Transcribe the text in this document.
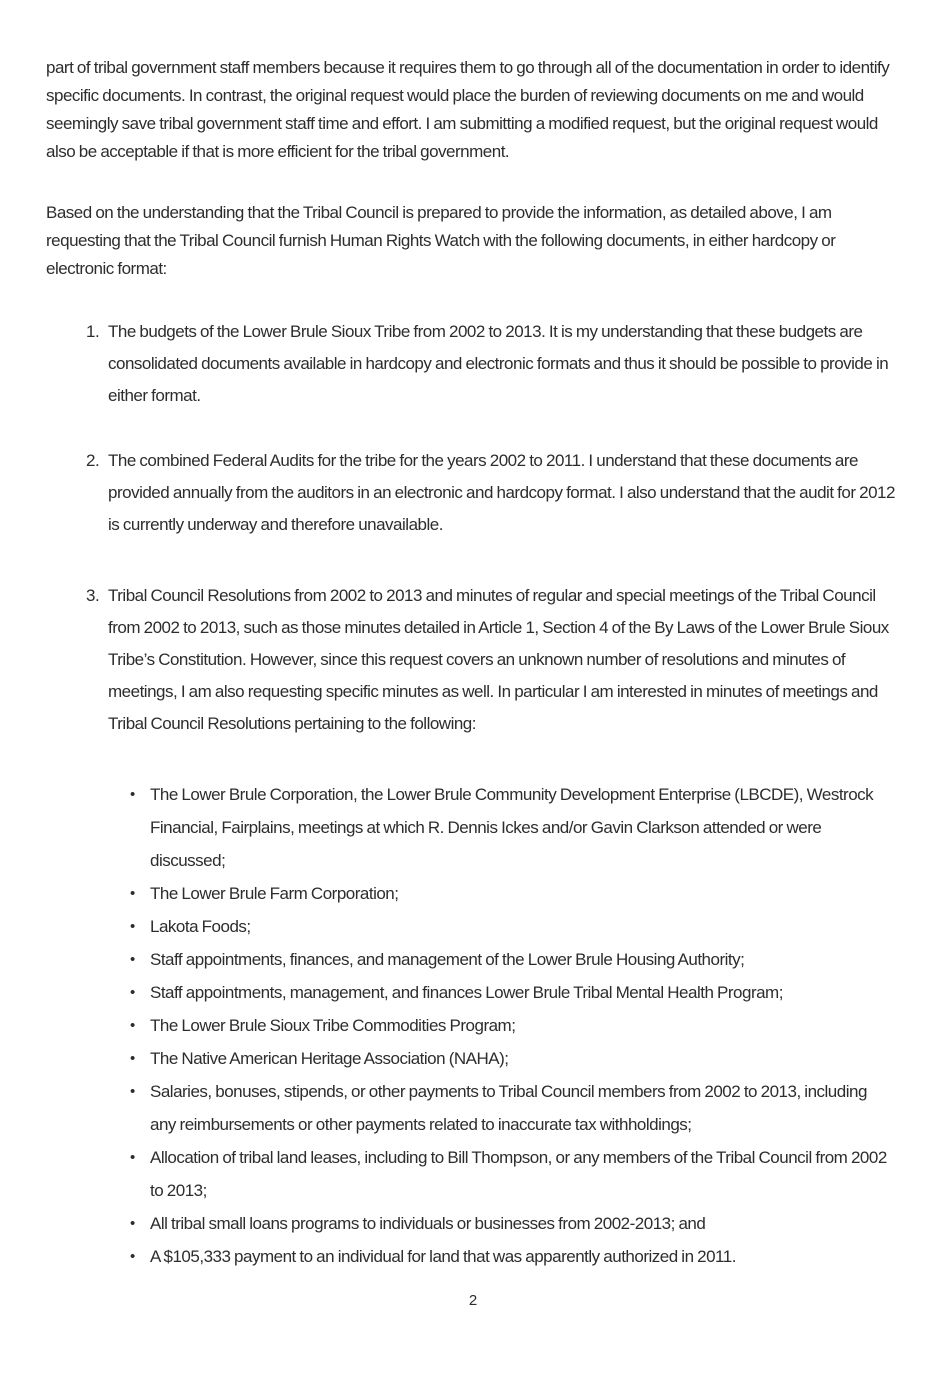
part of tribal government staff members because it requires them to go through all of the documentation in order to identify specific documents. In contrast, the original request would place the burden of reviewing documents on me and would seemingly save tribal government staff time and effort. I am submitting a modified request, but the original request would also be acceptable if that is more efficient for the tribal government.

Based on the understanding that the Tribal Council is prepared to provide the information, as detailed above, I am requesting that the Tribal Council furnish Human Rights Watch with the following documents, in either hardcopy or electronic format:

1. The budgets of the Lower Brule Sioux Tribe from 2002 to 2013. It is my understanding that these budgets are consolidated documents available in hardcopy and electronic formats and thus it should be possible to provide in either format.
2. The combined Federal Audits for the tribe for the years 2002 to 2011. I understand that these documents are provided annually from the auditors in an electronic and hardcopy format. I also understand that the audit for 2012 is currently underway and therefore unavailable.
3. Tribal Council Resolutions from 2002 to 2013 and minutes of regular and special meetings of the Tribal Council from 2002 to 2013, such as those minutes detailed in Article 1, Section 4 of the By Laws of the Lower Brule Sioux Tribe’s Constitution. However, since this request covers an unknown number of resolutions and minutes of meetings, I am also requesting specific minutes as well. In particular I am interested in minutes of meetings and Tribal Council Resolutions pertaining to the following:
• The Lower Brule Corporation, the Lower Brule Community Development Enterprise (LBCDE), Westrock Financial, Fairplains, meetings at which R. Dennis Ickes and/or Gavin Clarkson attended or were discussed;
• The Lower Brule Farm Corporation;
• Lakota Foods;
• Staff appointments, finances, and management of the Lower Brule Housing Authority;
• Staff appointments, management, and finances Lower Brule Tribal Mental Health Program;
• The Lower Brule Sioux Tribe Commodities Program;
• The Native American Heritage Association (NAHA);
• Salaries, bonuses, stipends, or other payments to Tribal Council members from 2002 to 2013, including any reimbursements or other payments related to inaccurate tax withholdings;
• Allocation of tribal land leases, including to Bill Thompson, or any members of the Tribal Council from 2002 to 2013;
• All tribal small loans programs to individuals or businesses from 2002-2013; and
• A $105,333 payment to an individual for land that was apparently authorized in 2011.
2
